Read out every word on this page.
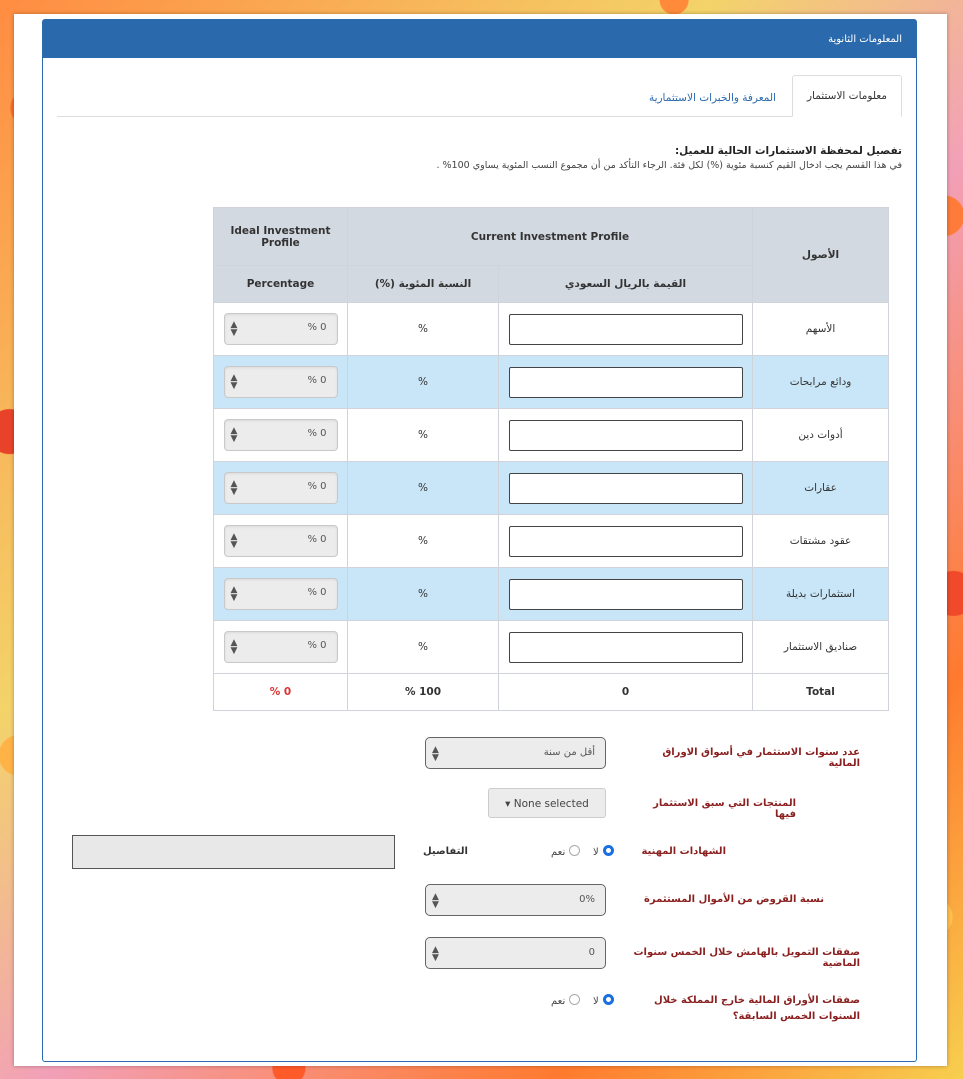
المعلومات الثانوية
معلومات الاستثمار
المعرفة والخبرات الاستثمارية
تفصيل لمحفظة الاستثمارات الحالية للعميل:
في هذا القسم يجب ادخال القيم كنسبة مئوية (%) لكل فئة. الرجاء التأكد من أن مجموع النسب المئوية يساوي 100% .
Ideal Investment Profile	Current Investment Profile		الأصول
Percentage	النسبة المئوية (%)	القيمة بالريال السعودي	

▲
▼ % 0	%		الأسهم

▲
▼ % 0	%		ودائع مرابحات

▲
▼ % 0	%		أدوات دين

▲
▼ % 0	%		عقارات

▲
▼ % 0	%		عقود مشتقات

▲
▼ % 0	%		استثمارات بديلة

▲
▼ % 0	%		صناديق الاستثمار
% 0	% 100	0	Total
عدد سنوات الاستثمار في أسواق الاوراق المالية
▲
▼	أقل من سنة
المنتجات التي سبق الاستثمار فيها
▾ None selected
الشهادات المهنية
لا    نعم
التفاصيل
نسبة القروض من الأموال المستثمرة
▲
▼	0%
صفقات التمويل بالهامش خلال الخمس سنوات الماضية
▲
▼	0
صفقات الأوراق المالية خارج المملكة خلال السنوات الخمس السابقة؟
لا    نعم
